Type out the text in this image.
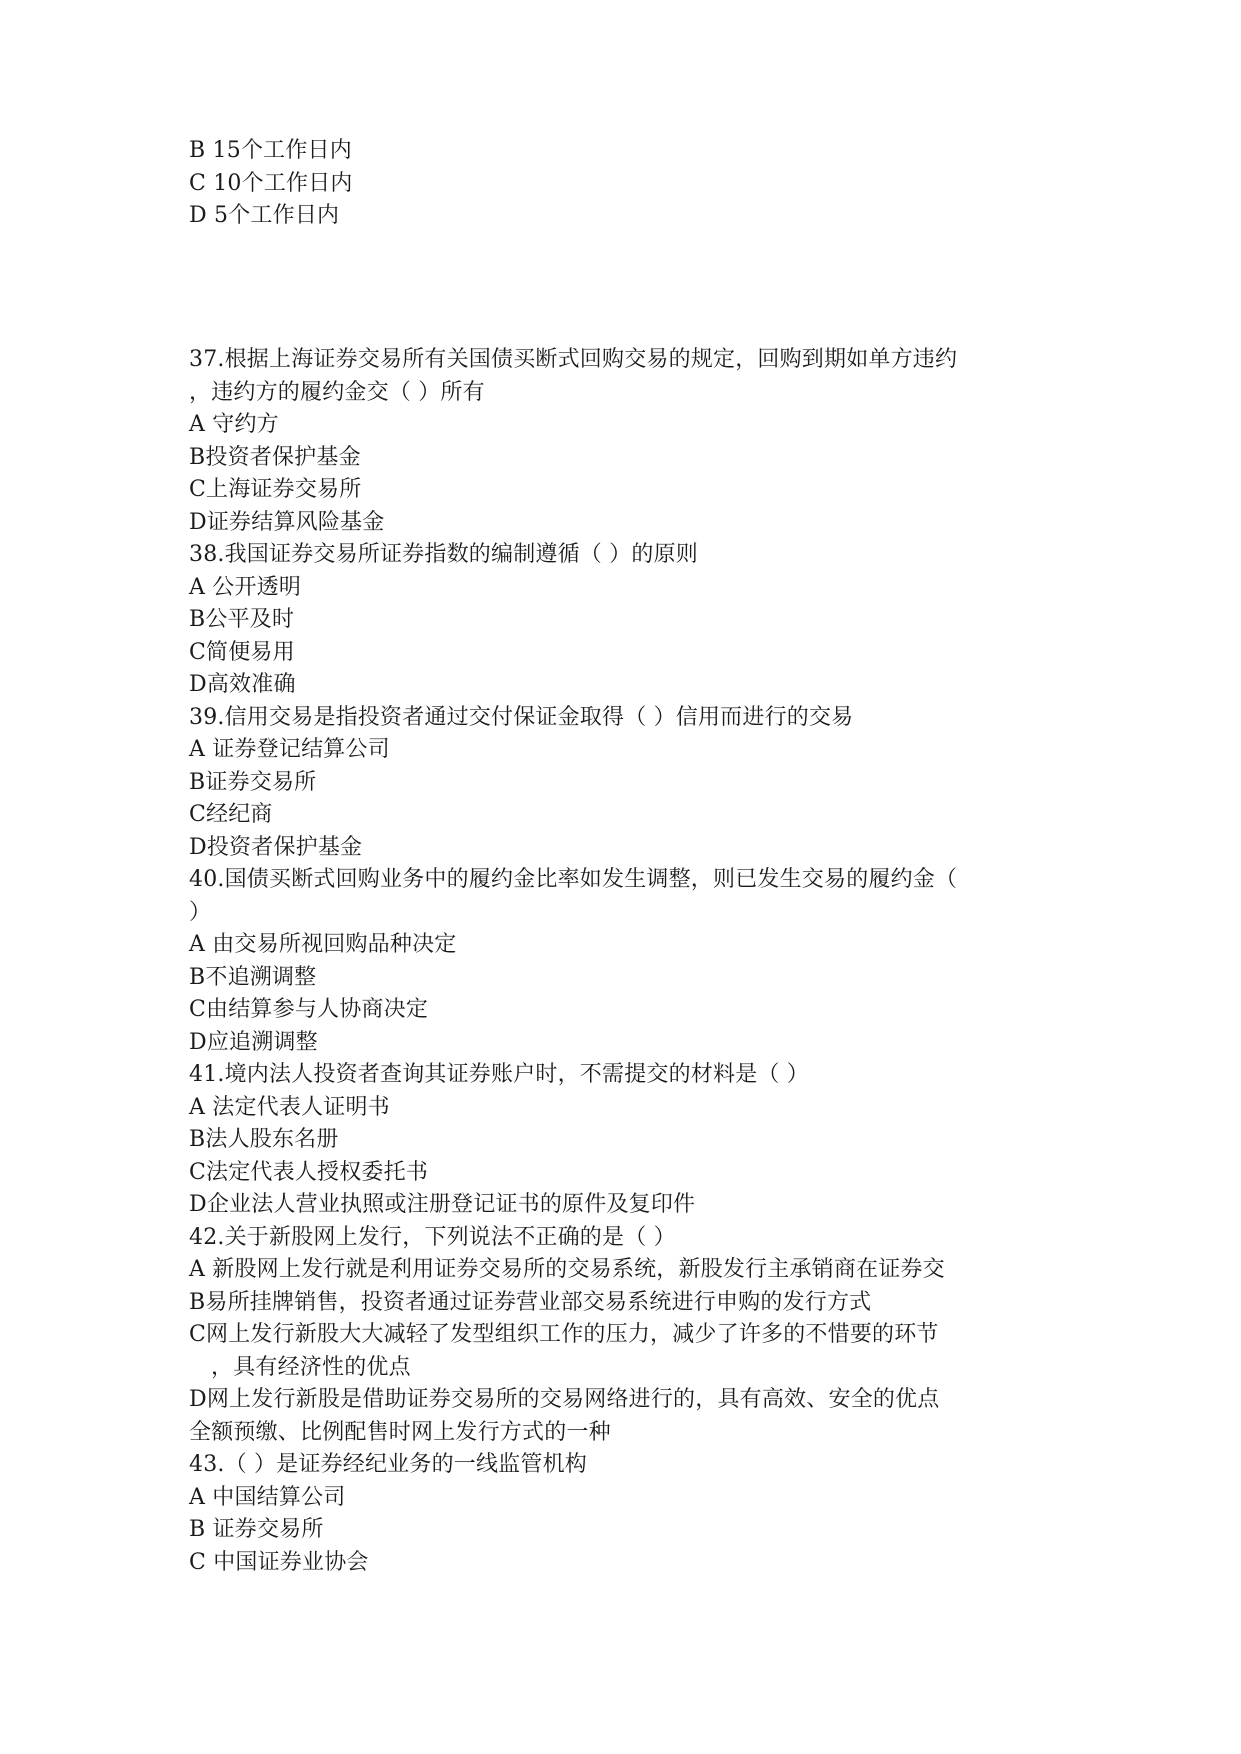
B 15个工作日内
C 10个工作日内
D 5个工作日内
37.根据上海证券交易所有关国债买断式回购交易的规定，回购到期如单方违约
，违约方的履约金交（ ）所有
A 守约方
B投资者保护基金
C上海证券交易所
D证券结算风险基金
38.我国证券交易所证券指数的编制遵循（ ）的原则
A 公开透明
B公平及时
C简便易用
D高效准确
39.信用交易是指投资者通过交付保证金取得（ ）信用而进行的交易
A 证券登记结算公司
B证券交易所
C经纪商
D投资者保护基金
40.国债买断式回购业务中的履约金比率如发生调整，则已发生交易的履约金（
）
A 由交易所视回购品种决定
B不追溯调整
C由结算参与人协商决定
D应追溯调整
41.境内法人投资者查询其证券账户时，不需提交的材料是（ ）
A 法定代表人证明书
B法人股东名册
C法定代表人授权委托书
D企业法人营业执照或注册登记证书的原件及复印件
42.关于新股网上发行，下列说法不正确的是（ ）
A 新股网上发行就是利用证券交易所的交易系统，新股发行主承销商在证券交
B易所挂牌销售，投资者通过证券营业部交易系统进行申购的发行方式
C网上发行新股大大减轻了发型组织工作的压力，减少了许多的不惜要的环节
，具有经济性的优点
D网上发行新股是借助证券交易所的交易网络进行的，具有高效、安全的优点
全额预缴、比例配售时网上发行方式的一种
43.（ ）是证券经纪业务的一线监管机构
A 中国结算公司
B 证券交易所
C 中国证券业协会
